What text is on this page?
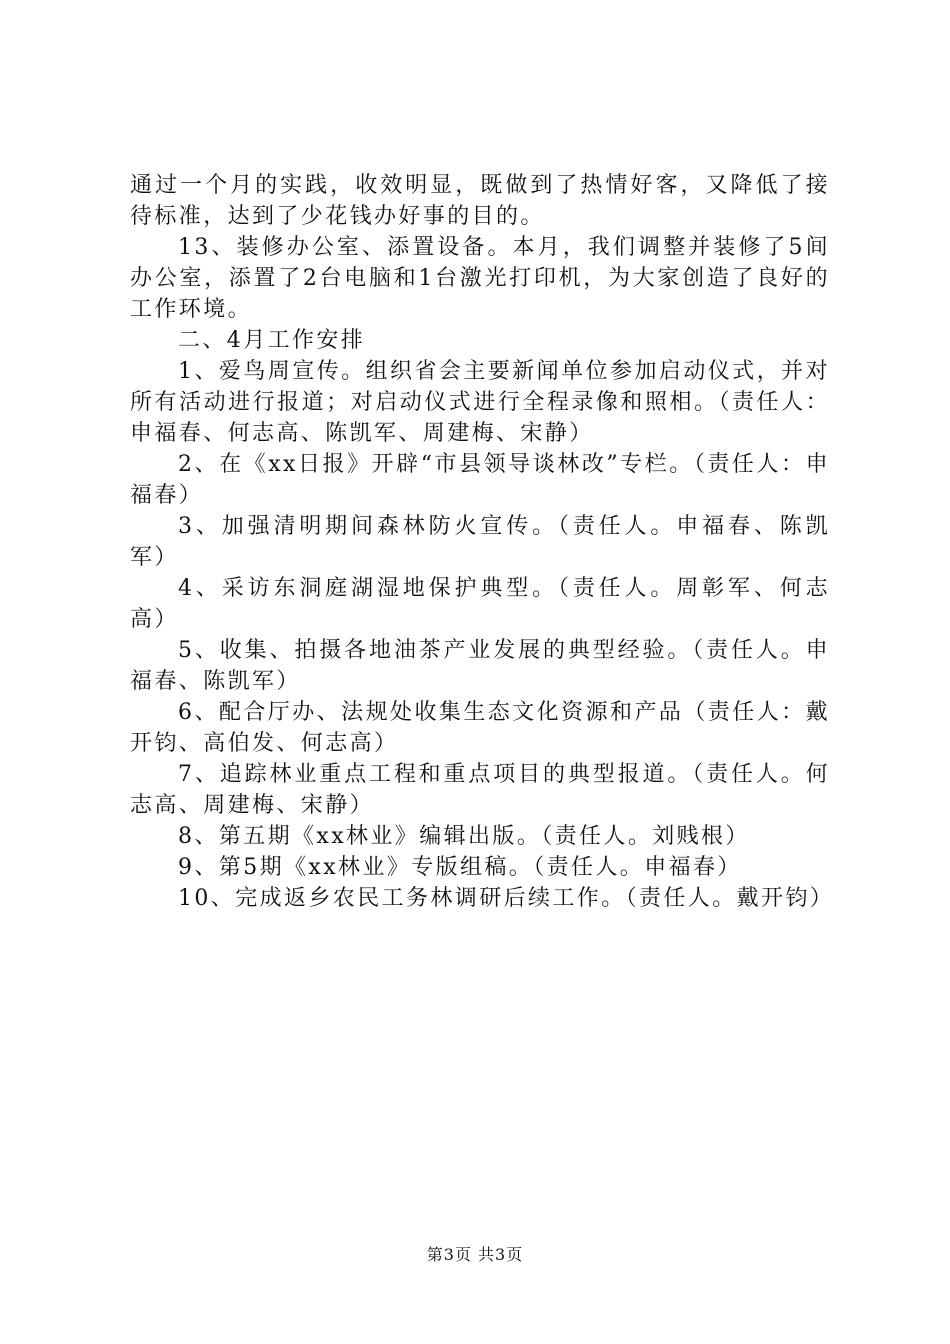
通过一个月的实践，收效明显，既做到了热情好客，又降低了接待标准，达到了少花钱办好事的目的。

13、装修办公室、添置设备。本月，我们调整并装修了5间办公室，添置了2台电脑和1台激光打印机，为大家创造了良好的工作环境。

二、4月工作安排

1、爱鸟周宣传。组织省会主要新闻单位参加启动仪式，并对所有活动进行报道；对启动仪式进行全程录像和照相。（责任人：申福春、何志高、陈凯军、周建梅、宋静）

2、在《xx日报》开辟“市县领导谈林改”专栏。（责任人：申福春）

3、加强清明期间森林防火宣传。（责任人。申福春、陈凯军）

4、采访东洞庭湖湿地保护典型。（责任人。周彰军、何志高）

5、收集、拍摄各地油茶产业发展的典型经验。（责任人。申福春、陈凯军）

6、配合厅办、法规处收集生态文化资源和产品（责任人：戴开钧、高伯发、何志高）

7、追踪林业重点工程和重点项目的典型报道。（责任人。何志高、周建梅、宋静）

8、第五期《xx林业》编辑出版。（责任人。刘贱根）

9、第5期《xx林业》专版组稿。（责任人。申福春）

10、完成返乡农民工务林调研后续工作。（责任人。戴开钧）

第3页 共3页
